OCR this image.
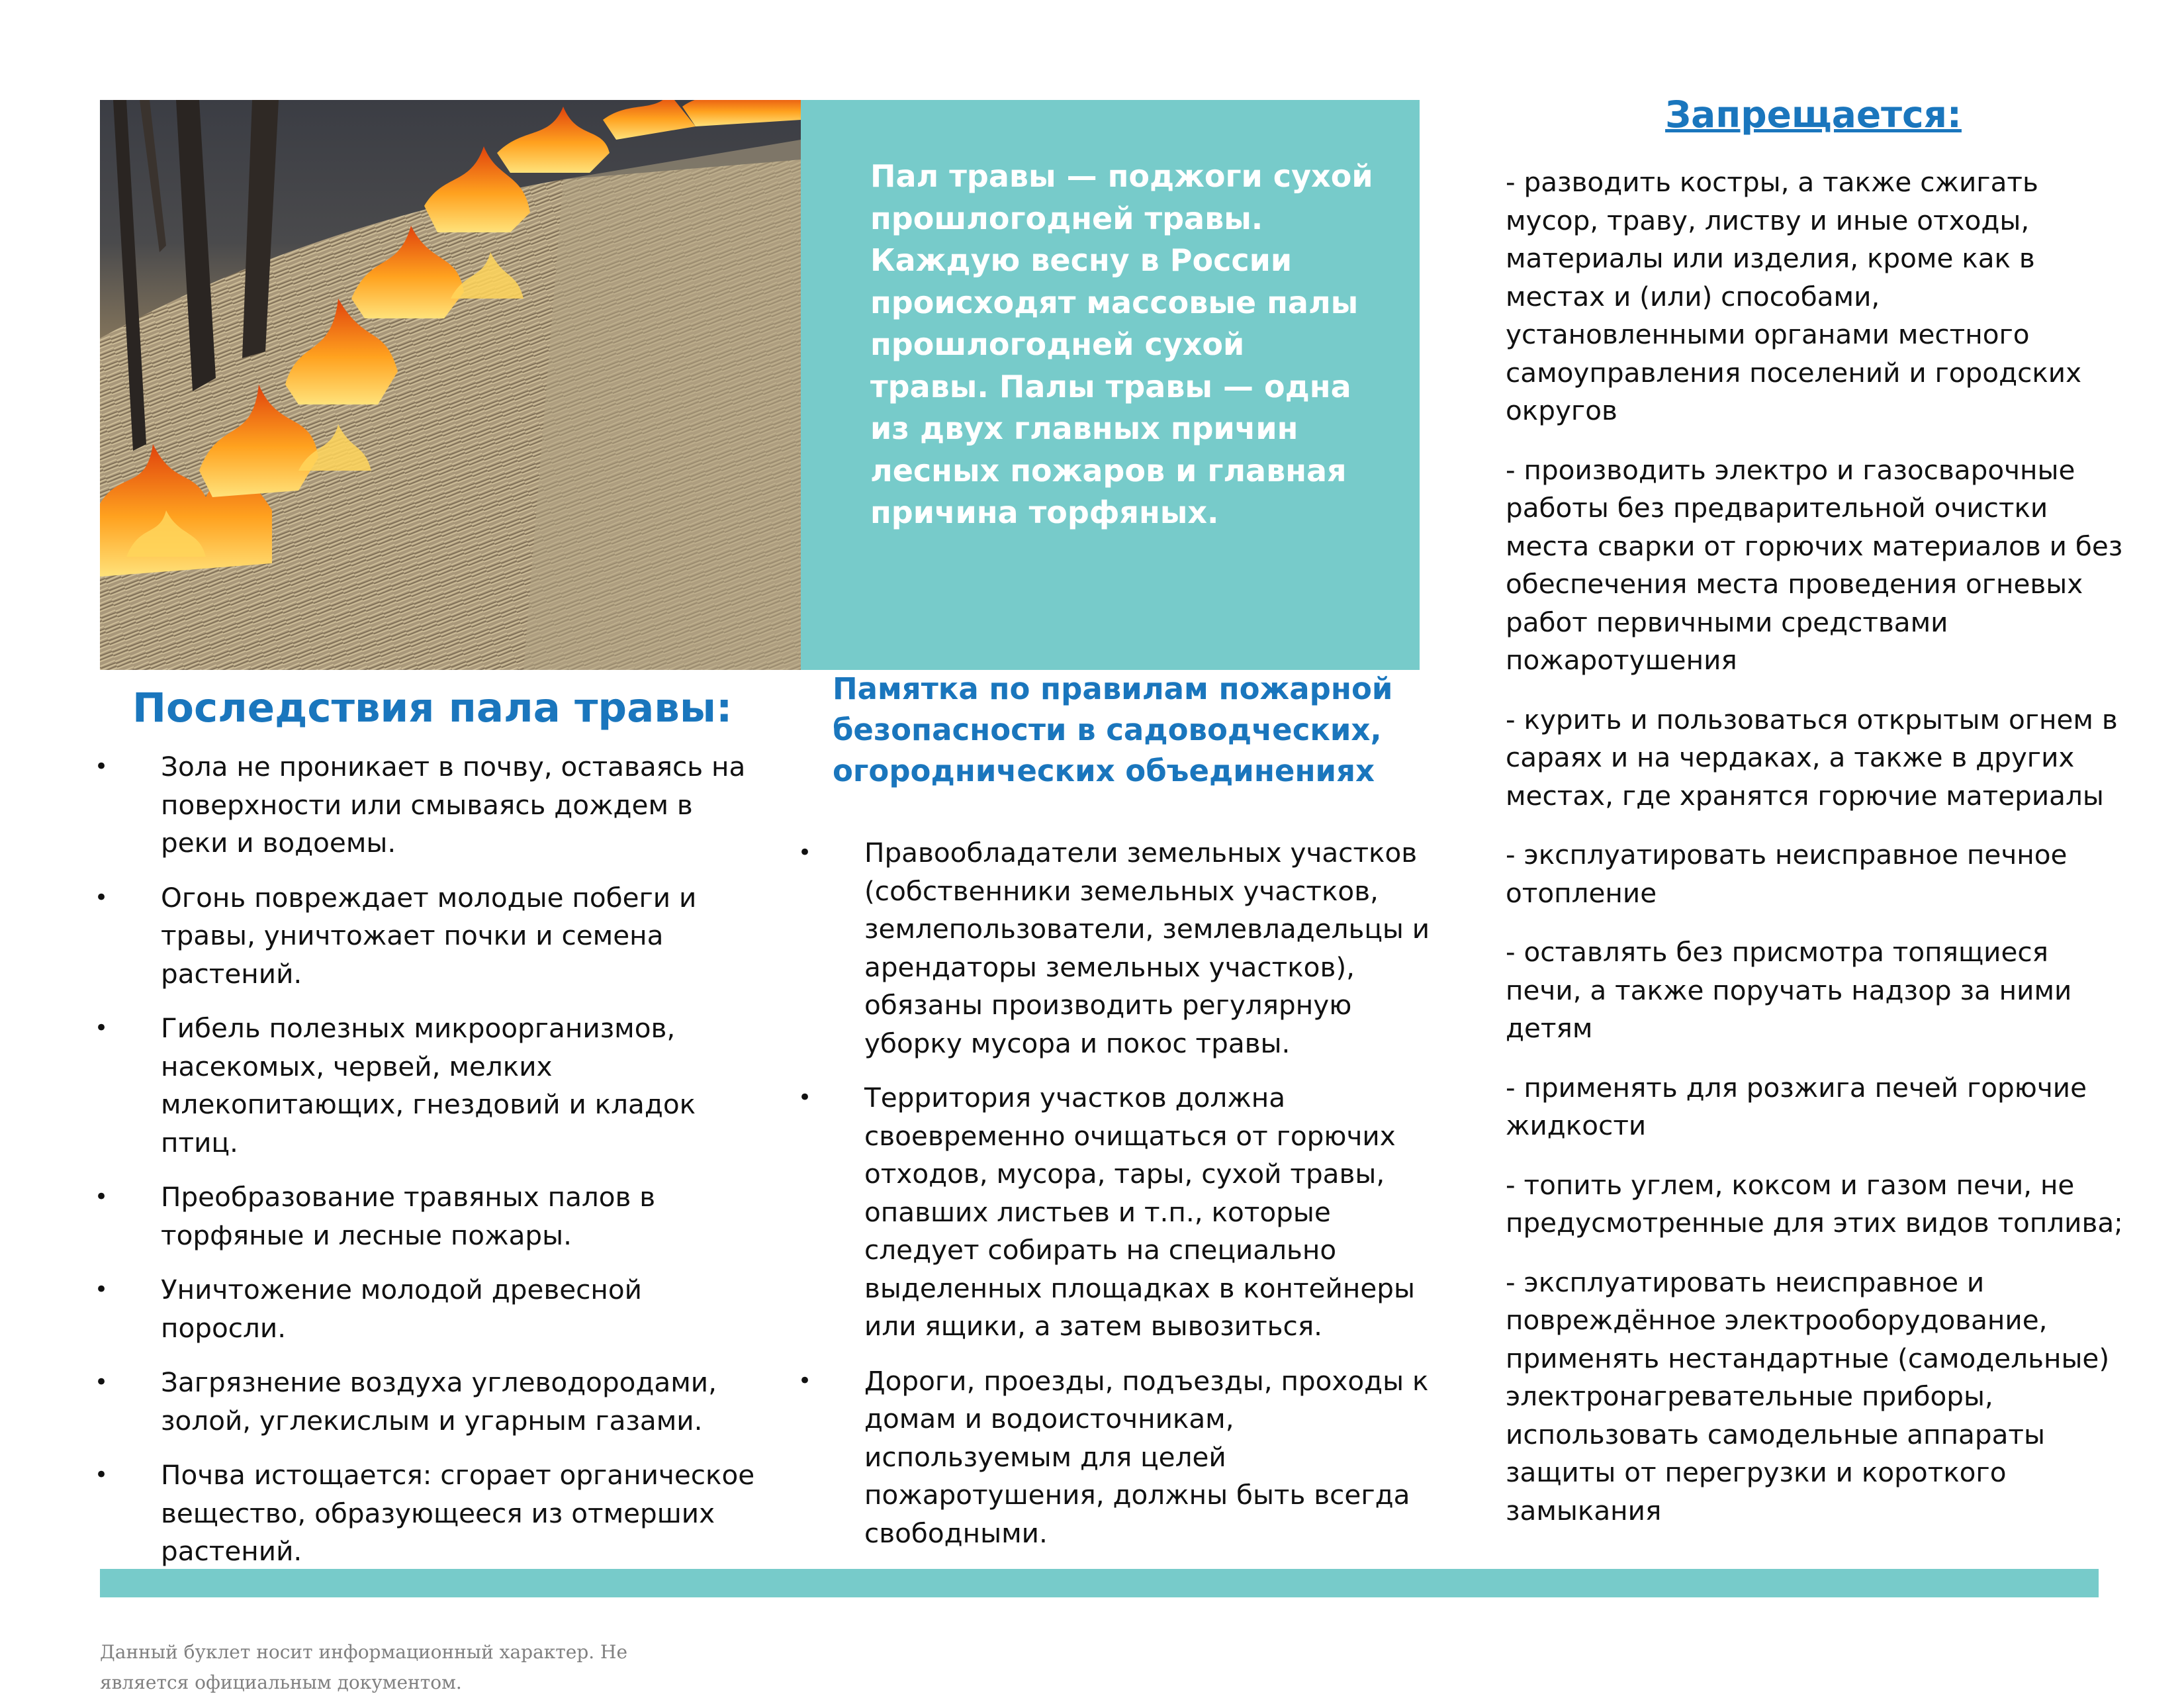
Пал травы — поджоги сухой прошлогодней травы. Каждую весну в России происходят массовые палы прошлогодней сухой травы. Палы травы — одна из двух главных причин лесных пожаров и главная причина торфяных.

Последствия пала травы:
•	Зола не проникает в почву, оставаясь на поверхности или смываясь дождем в реки и водоемы.
•	Огонь повреждает молодые побеги и травы, уничтожает почки и семена растений.
•	Гибель полезных микроорганизмов, насекомых, червей, мелких млекопитающих, гнездовий и кладок птиц.
•	Преобразование травяных палов в торфяные и лесные пожары.
•	Уничтожение молодой древесной поросли.
•	Загрязнение воздуха углеводородами, золой, углекислым и угарным газами.
•	Почва истощается: сгорает органическое вещество, образующееся из отмерших растений.
Памятка по правилам пожарной безопасности в садоводческих, огороднических объединениях
•	Правообладатели земельных участков (собственники земельных участков, землепользователи, землевладельцы и арендаторы земельных участков), обязаны производить регулярную уборку мусора и покос травы.
•	Территория участков должна своевременно очищаться от горючих отходов, мусора, тары, сухой травы, опавших листьев и т.п., которые следует собирать на специально выделенных площадках в контейнеры или ящики, а затем вывозиться.
•	Дороги, проезды, подъезды, проходы к домам и водоисточникам, используемым для целей пожаротушения, должны быть всегда свободными.
Запрещается:

- разводить костры, а также сжигать мусор, траву, листву и иные отходы, материалы или изделия, кроме как в местах и (или) способами, установленными органами местного самоуправления поселений и городских округов

- производить электро и газосварочные работы без предварительной очистки места сварки от горючих материалов и без обеспечения места проведения огневых работ первичными средствами пожаротушения

- курить и пользоваться открытым огнем в сараях и на чердаках, а также в других местах, где хранятся горючие материалы

- эксплуатировать неисправное печное отопление

- оставлять без присмотра топящиеся печи, а также поручать надзор за ними детям

- применять для розжига печей горючие жидкости

- топить углем, коксом и газом печи, не предусмотренные для этих видов топлива;

- эксплуатировать неисправное и повреждённое электрооборудование, применять нестандартные (самодельные) электронагревательные приборы, использовать самодельные аппараты защиты от перегрузки и короткого замыкания

Данный буклет носит информационный характер. Не является официальным документом.
